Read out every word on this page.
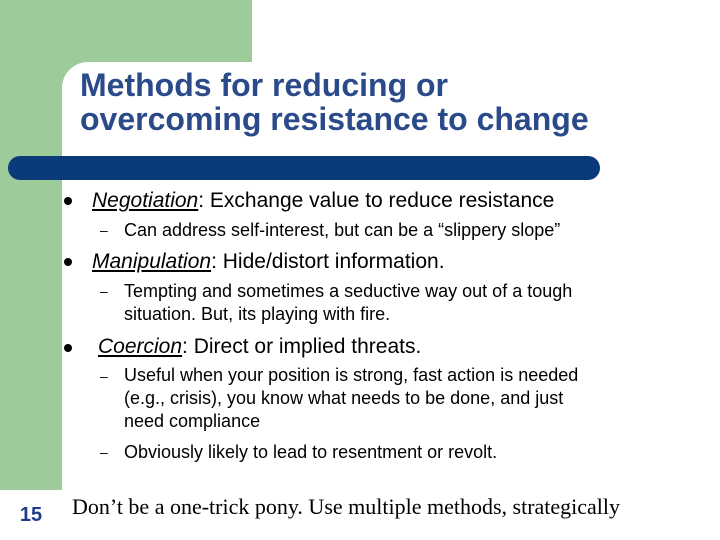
Methods for reducing or
overcoming resistance to change
Negotiation: Exchange value to reduce resistance
– Can address self-interest, but can be a “slippery slope”
Manipulation: Hide/distort information.
– Tempting and sometimes a seductive way out of a tough
situation. But, its playing with fire.
Coercion: Direct or implied threats.
– Useful when your position is strong, fast action is needed
(e.g., crisis), you know what needs to be done, and just
need compliance
– Obviously likely to lead to resentment or revolt.
15	Don’t be a one-trick pony. Use multiple methods, strategically
